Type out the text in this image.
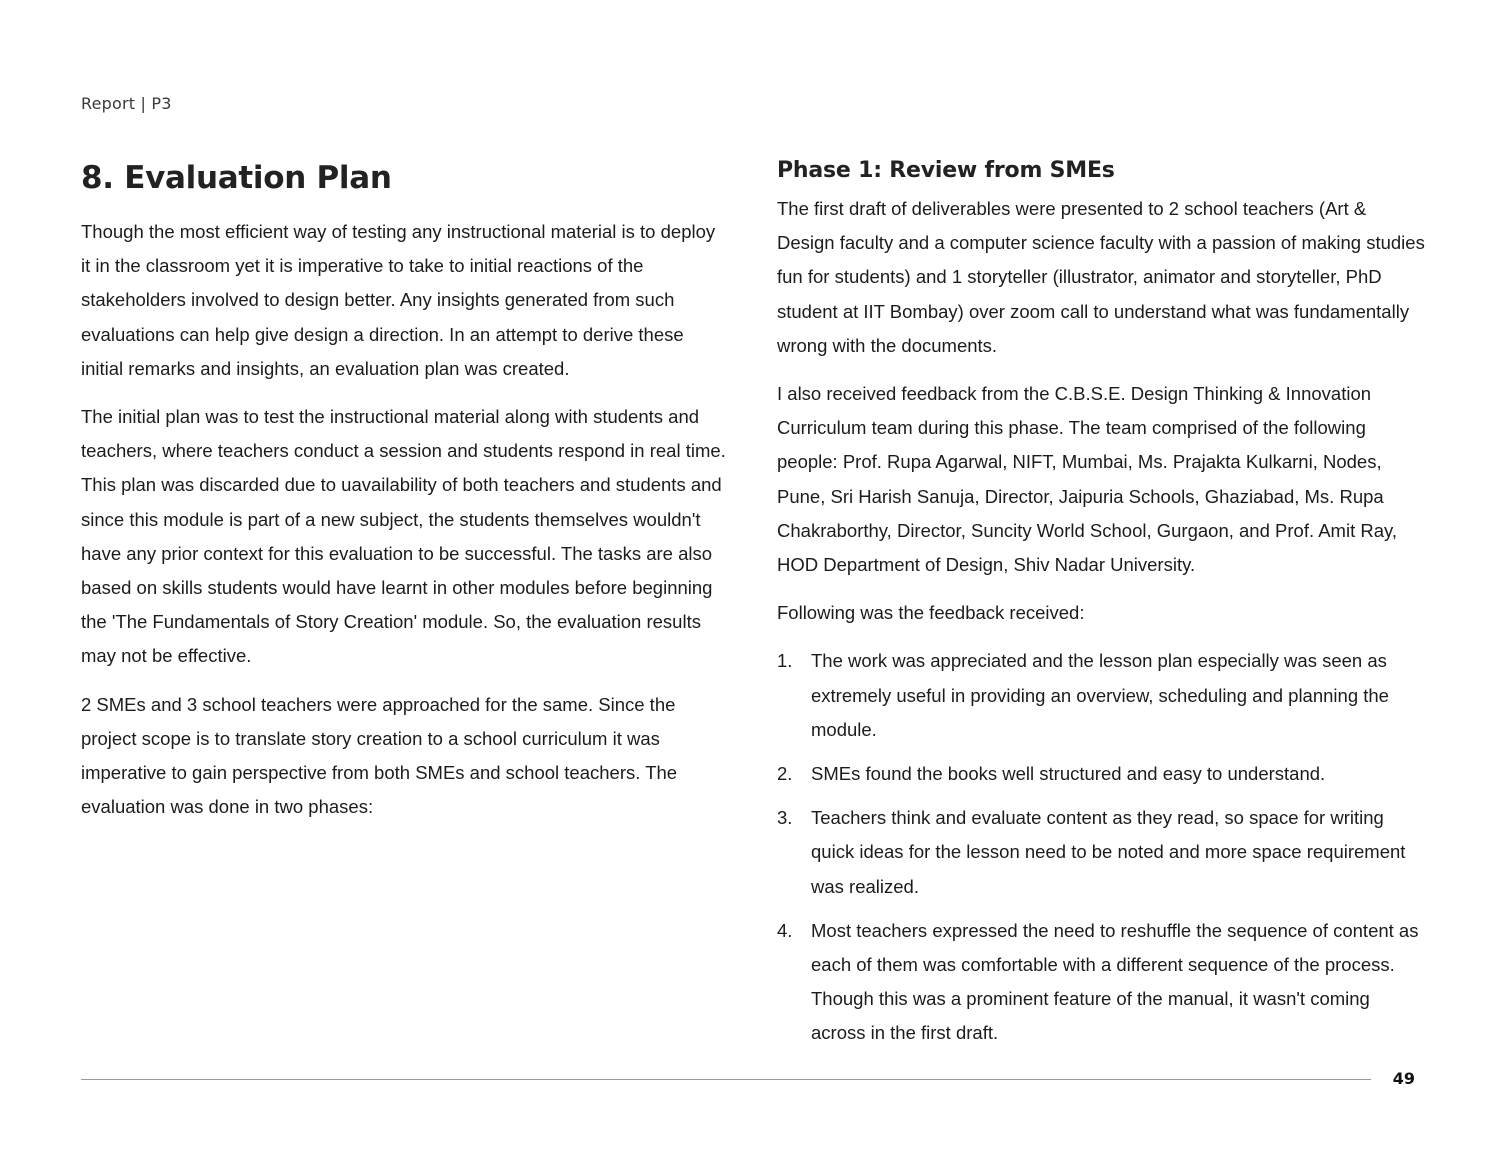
Report | P3
8. Evaluation Plan

Though the most efficient way of testing any instructional material is to deploy it in the classroom yet it is imperative to take to initial reactions of the stakeholders involved to design better. Any insights generated from such evaluations can help give design a direction. In an attempt to derive these initial remarks and insights, an evaluation plan was created.

The initial plan was to test the instructional material along with students and teachers, where teachers conduct a session and students respond in real time. This plan was discarded due to uavailability of both teachers and students and since this module is part of a new subject, the students themselves wouldn't have any prior context for this evaluation to be successful. The tasks are also based on skills students would have learnt in other modules before beginning the 'The Fundamentals of Story Creation' module. So, the evaluation results may not be effective.

2 SMEs and 3 school teachers were approached for the same. Since the project scope is to translate story creation to a school curriculum it was imperative to gain perspective from both SMEs and school teachers. The evaluation was done in two phases:

Phase 1: Review from SMEs

The first draft of deliverables were presented to 2 school teachers (Art & Design faculty and a computer science faculty with a passion of making studies fun for students) and 1 storyteller (illustrator, animator and storyteller, PhD student at IIT Bombay) over zoom call to understand what was fundamentally wrong with the documents.

I also received feedback from the C.B.S.E. Design Thinking & Innovation Curriculum team during this phase. The team comprised of the following people: Prof. Rupa Agarwal, NIFT, Mumbai, Ms. Prajakta Kulkarni, Nodes, Pune, Sri Harish Sanuja, Director, Jaipuria Schools, Ghaziabad, Ms. Rupa Chakraborthy, Director, Suncity World School, Gurgaon, and Prof. Amit Ray, HOD Department of Design, Shiv Nadar University.

Following was the feedback received:

1. The work was appreciated and the lesson plan especially was seen as extremely useful in providing an overview, scheduling and planning the module.
2. SMEs found the books well structured and easy to understand.
3. Teachers think and evaluate content as they read, so space for writing quick ideas for the lesson need to be noted and more space requirement was realized.
4. Most teachers expressed the need to reshuffle the sequence of content as each of them was comfortable with a different sequence of the process. Though this was a prominent feature of the manual, it wasn't coming across in the first draft.
49
